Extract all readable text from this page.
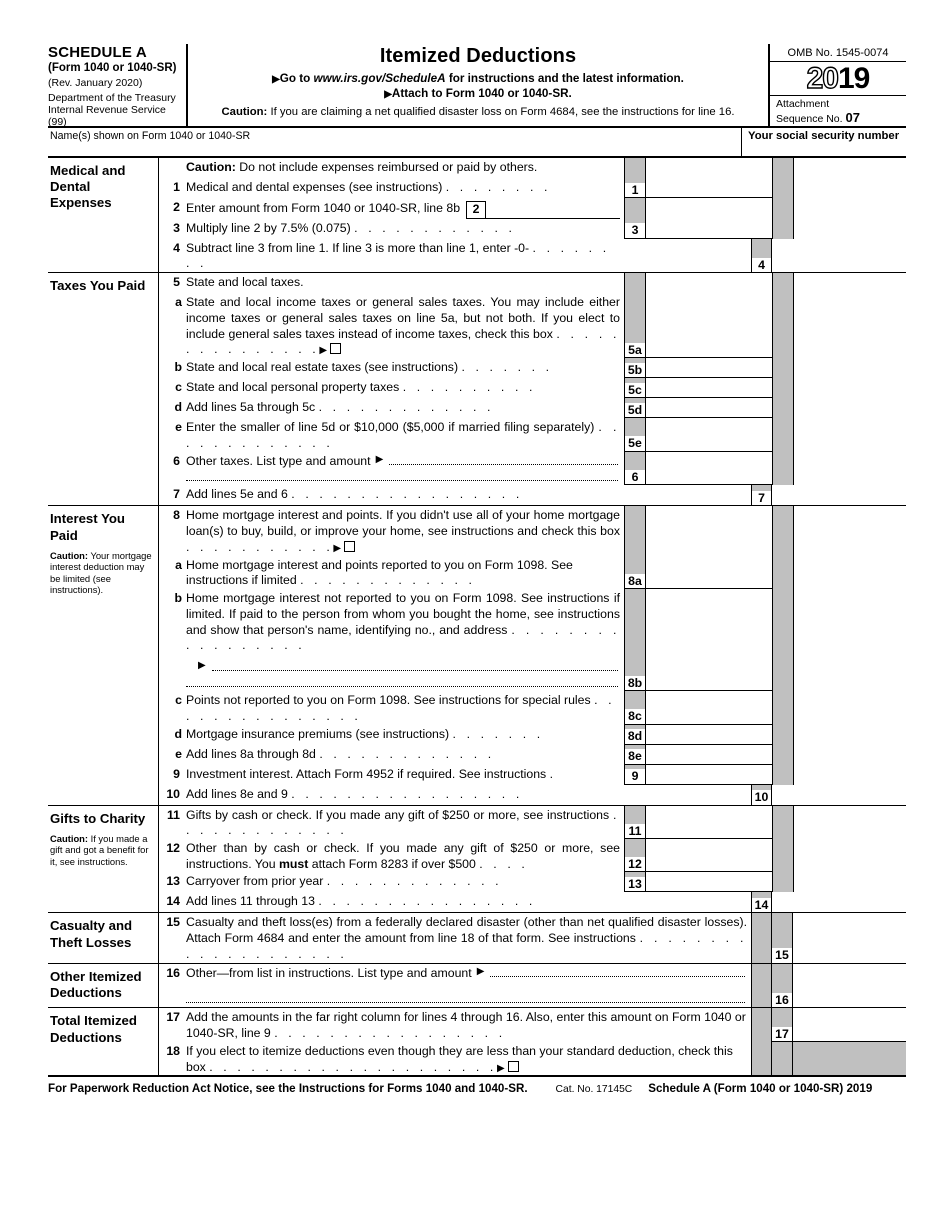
SCHEDULE A
(Form 1040 or 1040-SR)
(Rev. January 2020)
Department of the Treasury
Internal Revenue Service (99)
Itemized Deductions
▶Go to www.irs.gov/ScheduleA for instructions and the latest information.
▶Attach to Form 1040 or 1040-SR.
Caution: If you are claiming a net qualified disaster loss on Form 4684, see the instructions for line 16.
OMB No. 1545-0074
2019
Attachment
Sequence No. 07
Name(s) shown on Form 1040 or 1040-SR	Your social security number
Medical and Dental Expenses
Caution: Do not include expenses reimbursed or paid by others.
1 Medical and dental expenses (see instructions) . . . . . . . .	1
2 Enter amount from Form 1040 or 1040-SR, line 8b	2
3 Multiply line 2 by 7.5% (0.075) . . . . . . . . . . . .	3
4 Subtract line 3 from line 1. If line 3 is more than line 1, enter -0- . . . . . . . .	4
Taxes You Paid	5 State and local taxes.
a State and local income taxes or general sales taxes. You may include either income taxes or general sales taxes on line 5a, but not both. If you elect to include general sales taxes instead of income taxes, check this box . . . . . . . . . . . . . . .▶	5a
b State and local real estate taxes (see instructions) . . . . . . .	5b
c State and local personal property taxes . . . . . . . . . .	5c
d Add lines 5a through 5c . . . . . . . . . . . . .	5d
e Enter the smaller of line 5d or $10,000 ($5,000 if married filing separately) . . . . . . . . . . . . .	5e
6 Other taxes. List type and amount ▶
6
7 Add lines 5e and 6 . . . . . . . . . . . . . . . . .	7
Interest You Paid
Caution: Your mortgage interest deduction may be limited (see instructions).
8 Home mortgage interest and points. If you didn't use all of your home mortgage loan(s) to buy, build, or improve your home, see instructions and check this box . . . . . . . . . . .▶
a Home mortgage interest and points reported to you on Form 1098. See instructions if limited . . . . . . . . . . . . .	8a
b Home mortgage interest not reported to you on Form 1098. See instructions if limited. If paid to the person from whom you bought the home, see instructions and show that person's name, identifying no., and address . . . . . . . . . . . . . . . . .
▶
8b
c Points not reported to you on Form 1098. See instructions for special rules . . . . . . . . . . . . . . .	8c
d Mortgage insurance premiums (see instructions) . . . . . . .	8d
e Add lines 8a through 8d . . . . . . . . . . . . .	8e
9 Investment interest. Attach Form 4952 if required. See instructions .	9
10 Add lines 8e and 9 . . . . . . . . . . . . . . . . .	10
Gifts to Charity
Caution: If you made a gift and got a benefit for it, see instructions.
11 Gifts by cash or check. If you made any gift of $250 or more, see instructions . . . . . . . . . . . . .	11
12 Other than by cash or check. If you made any gift of $250 or more, see instructions. You must attach Form 8283 if over $500 . . . .	12
13 Carryover from prior year . . . . . . . . . . . . .	13
14 Add lines 11 through 13 . . . . . . . . . . . . . . . .	14
Casualty and Theft Losses
15 Casualty and theft loss(es) from a federally declared disaster (other than net qualified disaster losses). Attach Form 4684 and enter the amount from line 18 of that form. See instructions . . . . . . . . . . . . . . . . . . . .	15
Other Itemized Deductions
16 Other—from list in instructions. List type and amount ▶
16
Total Itemized Deductions
17 Add the amounts in the far right column for lines 4 through 16. Also, enter this amount on Form 1040 or 1040-SR, line 9 . . . . . . . . . . . . . . . . .	17
18 If you elect to itemize deductions even though they are less than your standard deduction, check this box . . . . . . . . . . . . . . . . . . . . .▶
For Paperwork Reduction Act Notice, see the Instructions for Forms 1040 and 1040-SR.	Cat. No. 17145C Schedule A (Form 1040 or 1040-SR) 2019
